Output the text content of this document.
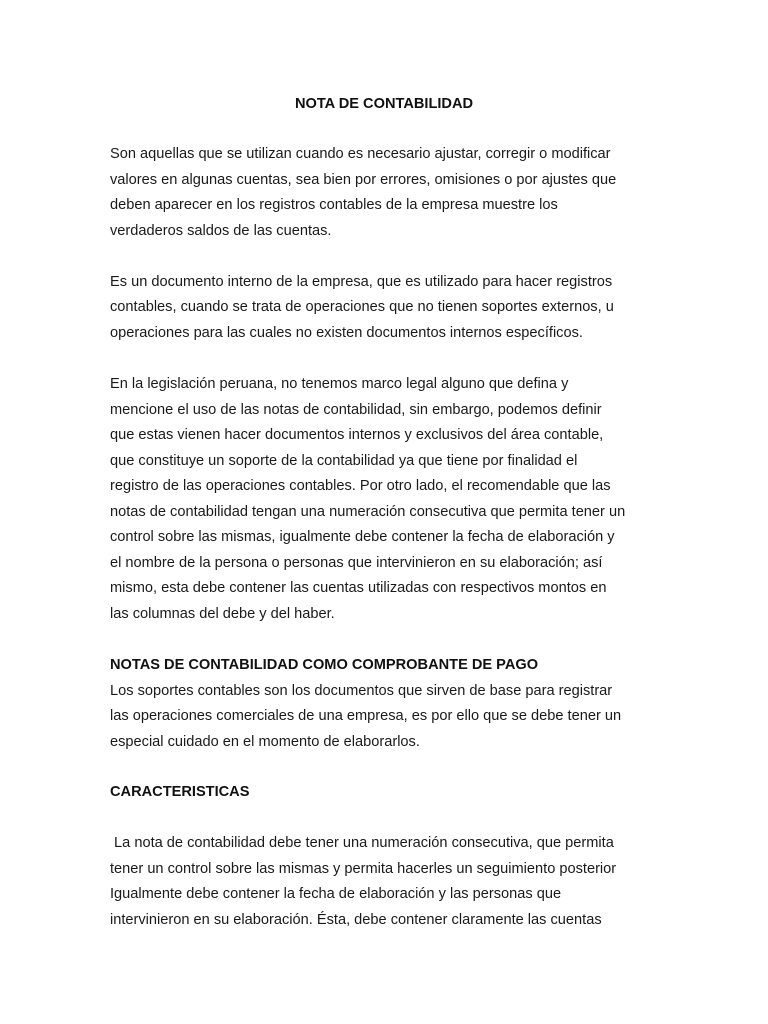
NOTA DE CONTABILIDAD
Son aquellas que se utilizan cuando es necesario ajustar, corregir o modificar
valores en algunas cuentas, sea bien por errores, omisiones o por ajustes que
deben aparecer en los registros contables de la empresa muestre los
verdaderos saldos de las cuentas.
Es un documento interno de la empresa, que es utilizado para hacer registros
contables, cuando se trata de operaciones que no tienen soportes externos, u
operaciones para las cuales no existen documentos internos específicos.
En la legislación peruana, no tenemos marco legal alguno que defina y
mencione el uso de las notas de contabilidad, sin embargo, podemos definir
que estas vienen hacer documentos internos y exclusivos del área contable,
que constituye un soporte de la contabilidad ya que tiene por finalidad el
registro de las operaciones contables. Por otro lado, el recomendable que las
notas de contabilidad tengan una numeración consecutiva que permita tener un
control sobre las mismas, igualmente debe contener la fecha de elaboración y
el nombre de la persona o personas que intervinieron en su elaboración; así
mismo, esta debe contener las cuentas utilizadas con respectivos montos en
las columnas del debe y del haber.
NOTAS DE CONTABILIDAD COMO COMPROBANTE DE PAGO
Los soportes contables son los documentos que sirven de base para registrar
las operaciones comerciales de una empresa, es por ello que se debe tener un
especial cuidado en el momento de elaborarlos.
CARACTERISTICAS
La nota de contabilidad debe tener una numeración consecutiva, que permita
tener un control sobre las mismas y permita hacerles un seguimiento posterior
Igualmente debe contener la fecha de elaboración y las personas que
intervinieron en su elaboración. Ésta, debe contener claramente las cuentas
